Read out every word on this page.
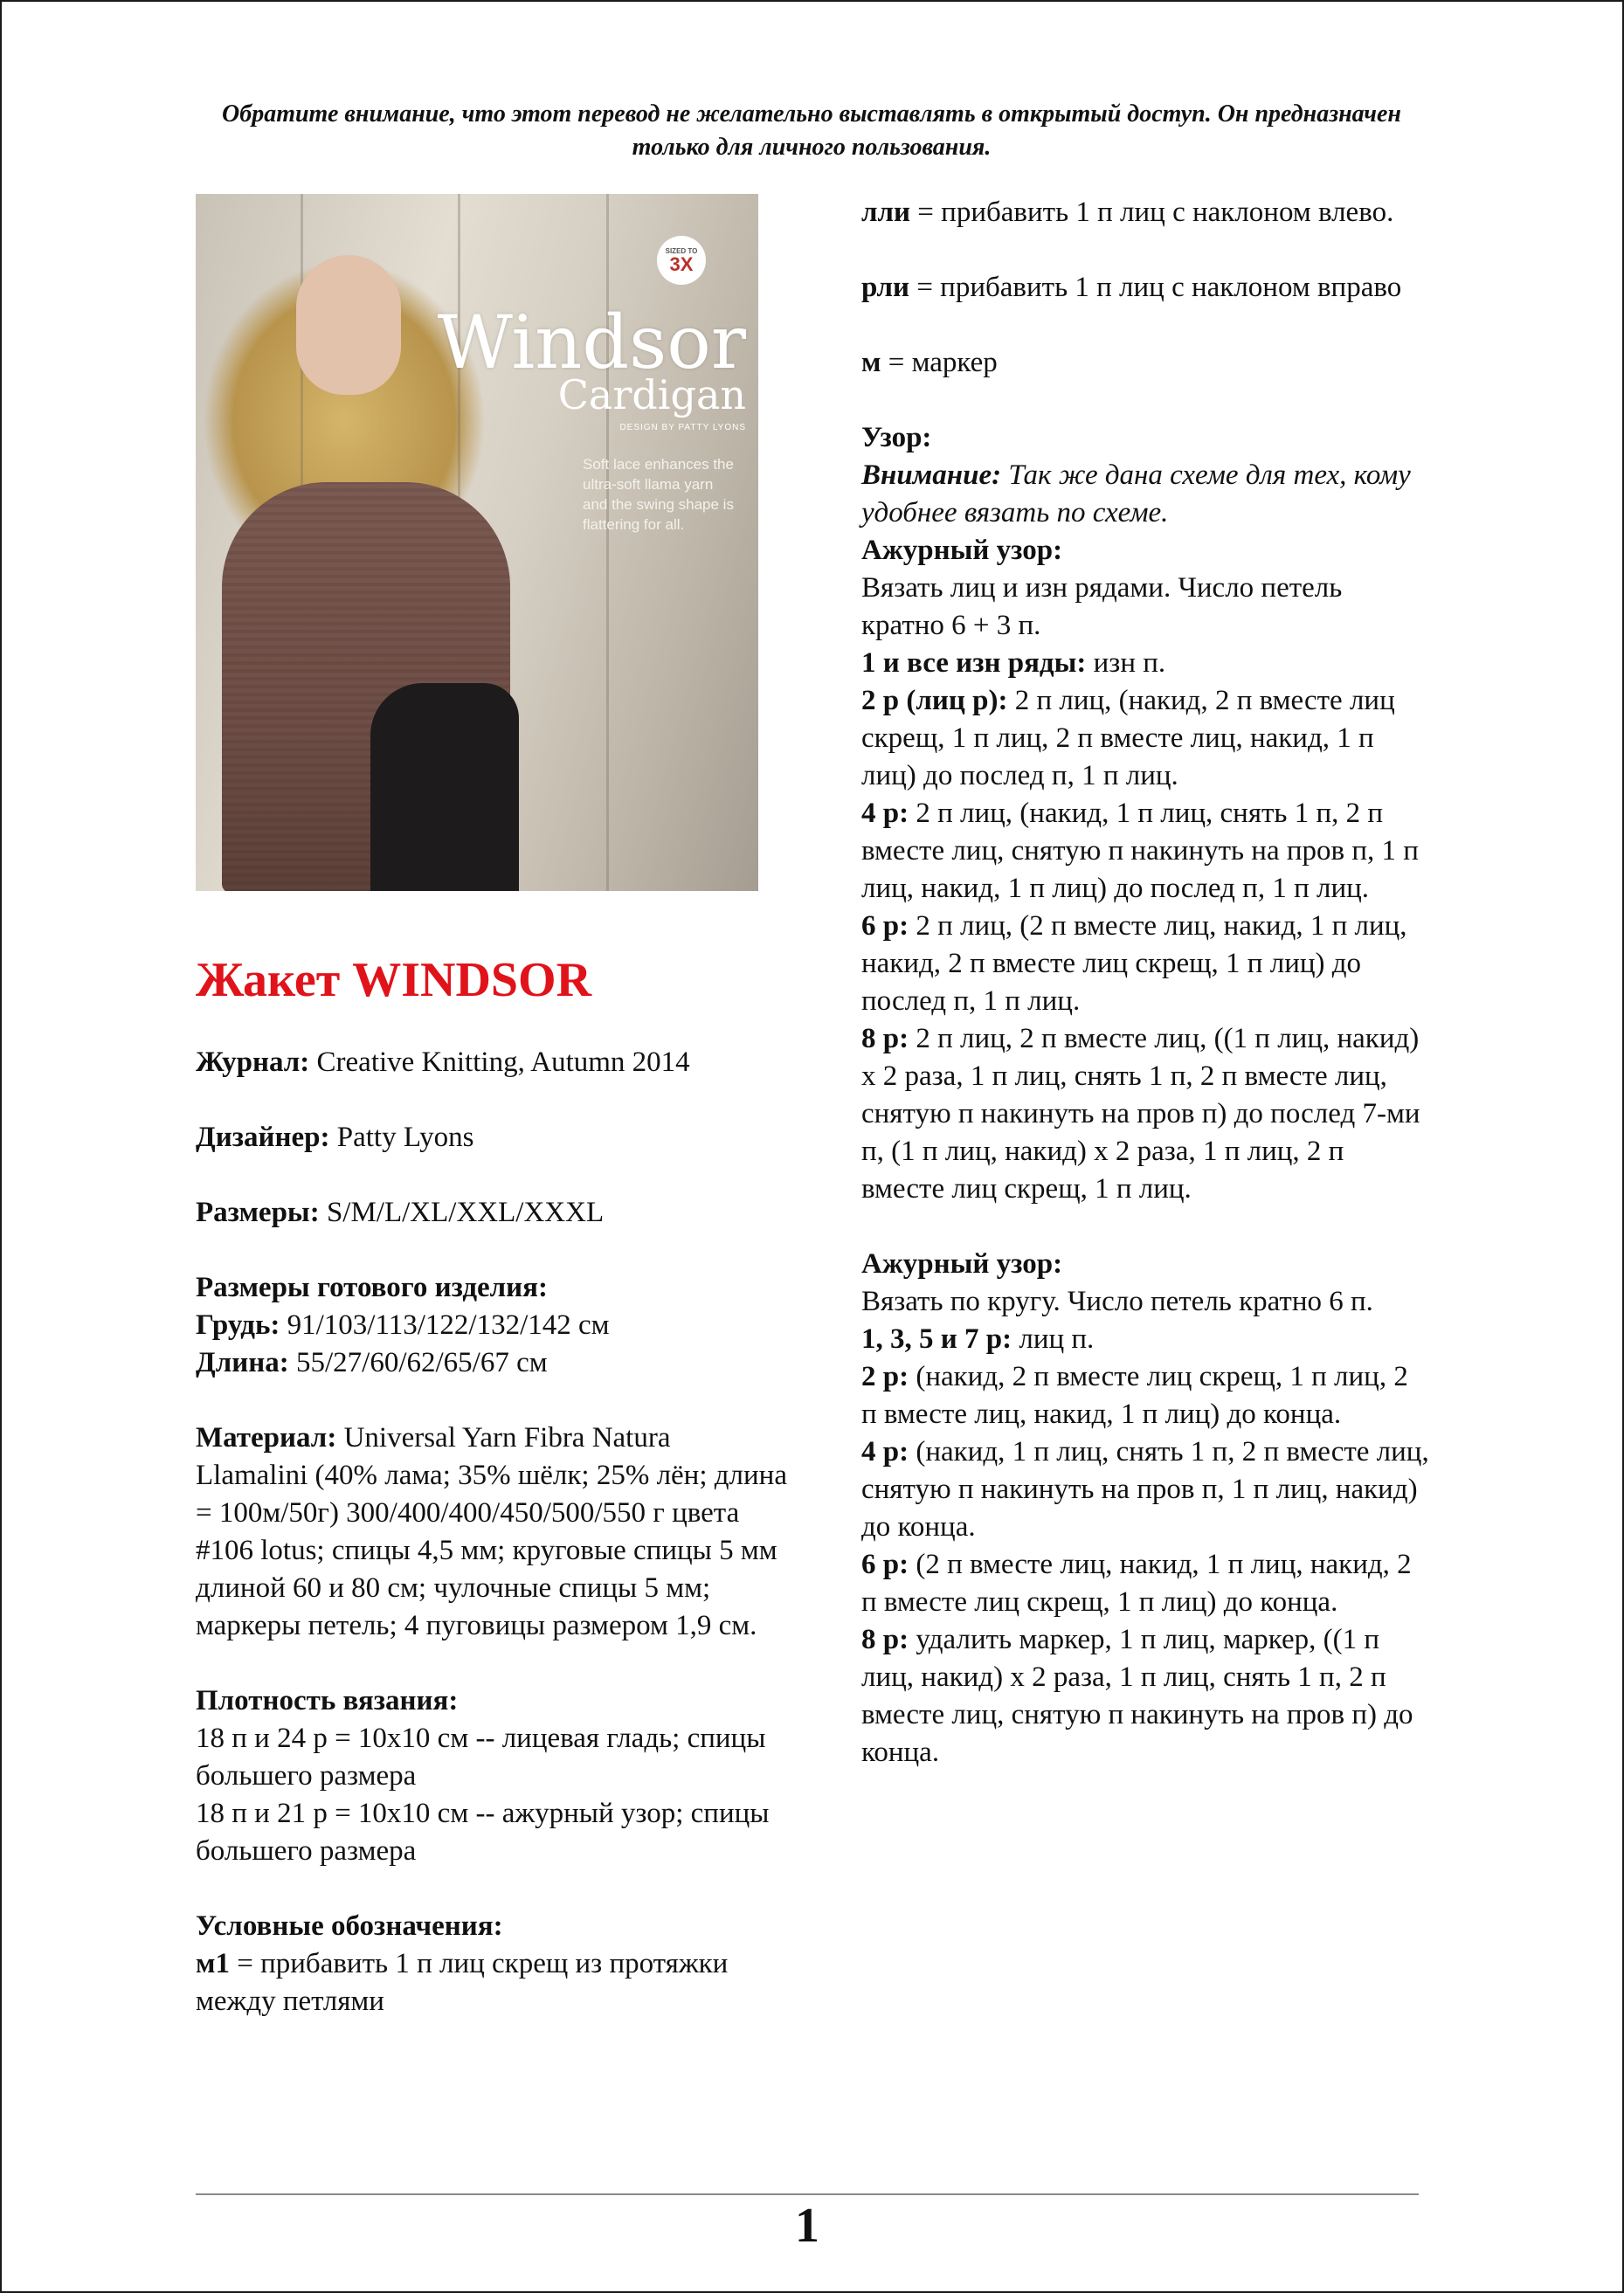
Обратите внимание, что этот перевод не желательно выставлять в открытый доступ. Он предназначен только для личного пользования.
SIZED TO
3X
Windsor
Cardigan
DESIGN BY PATTY LYONS
Soft lace enhances the ultra-soft llama yarn and the swing shape is flattering for all.
Жакет WINDSOR

Журнал: Creative Knitting, Autumn 2014

Дизайнер: Patty Lyons

Размеры: S/M/L/XL/XXL/XXXL

Размеры готового изделия:

Грудь: 91/103/113/122/132/142 см

Длина: 55/27/60/62/65/67 см

Материал: Universal Yarn Fibra Natura Llamalini (40% лама; 35% шёлк; 25% лён; длина = 100м/50г) 300/400/400/450/500/550 г цвета #106 lotus; спицы 4,5 мм; круговые спицы 5 мм длиной 60 и 80 см; чулочные спицы 5 мм; маркеры петель; 4 пуговицы размером 1,9 см.

Плотность вязания:

18 п и 24 р = 10х10 см -- лицевая гладь; спицы большего размера

18 п и 21 р = 10х10 см -- ажурный узор; спицы большего размера

Условные обозначения:

м1 = прибавить 1 п лиц скрещ из протяжки между петлями

лли = прибавить 1 п лиц с наклоном влево.

рли = прибавить 1 п лиц с наклоном вправо

м = маркер

Узор:

Внимание: Так же дана схеме для тех, кому удобнее вязать по схеме.

Ажурный узор:

Вязать лиц и изн рядами. Число петель кратно 6 + 3 п.

1 и все изн ряды: изн п.

2 р (лиц р): 2 п лиц, (накид, 2 п вместе лиц скрещ, 1 п лиц, 2 п вместе лиц, накид, 1 п лиц) до послед п, 1 п лиц.

4 р: 2 п лиц, (накид, 1 п лиц, снять 1 п, 2 п вместе лиц, снятую п накинуть на пров п, 1 п лиц, накид, 1 п лиц) до послед п, 1 п лиц.

6 р: 2 п лиц, (2 п вместе лиц, накид, 1 п лиц, накид, 2 п вместе лиц скрещ, 1 п лиц) до послед п, 1 п лиц.

8 р: 2 п лиц, 2 п вместе лиц, ((1 п лиц, накид) х 2 раза, 1 п лиц, снять 1 п, 2 п вместе лиц, снятую п накинуть на пров п) до послед 7-ми п, (1 п лиц, накид) х 2 раза, 1 п лиц, 2 п вместе лиц скрещ, 1 п лиц.

Ажурный узор:

Вязать по кругу. Число петель кратно 6 п.

1, 3, 5 и 7 р: лиц п.

2 р: (накид, 2 п вместе лиц скрещ, 1 п лиц, 2 п вместе лиц, накид, 1 п лиц) до конца.

4 р: (накид, 1 п лиц, снять 1 п, 2 п вместе лиц, снятую п накинуть на пров п, 1 п лиц, накид) до конца.

6 р: (2 п вместе лиц, накид, 1 п лиц, накид, 2 п вместе лиц скрещ, 1 п лиц) до конца.

8 р: удалить маркер, 1 п лиц, маркер, ((1 п лиц, накид) х 2 раза, 1 п лиц, снять 1 п, 2 п вместе лиц, снятую п накинуть на пров п) до конца.

1
